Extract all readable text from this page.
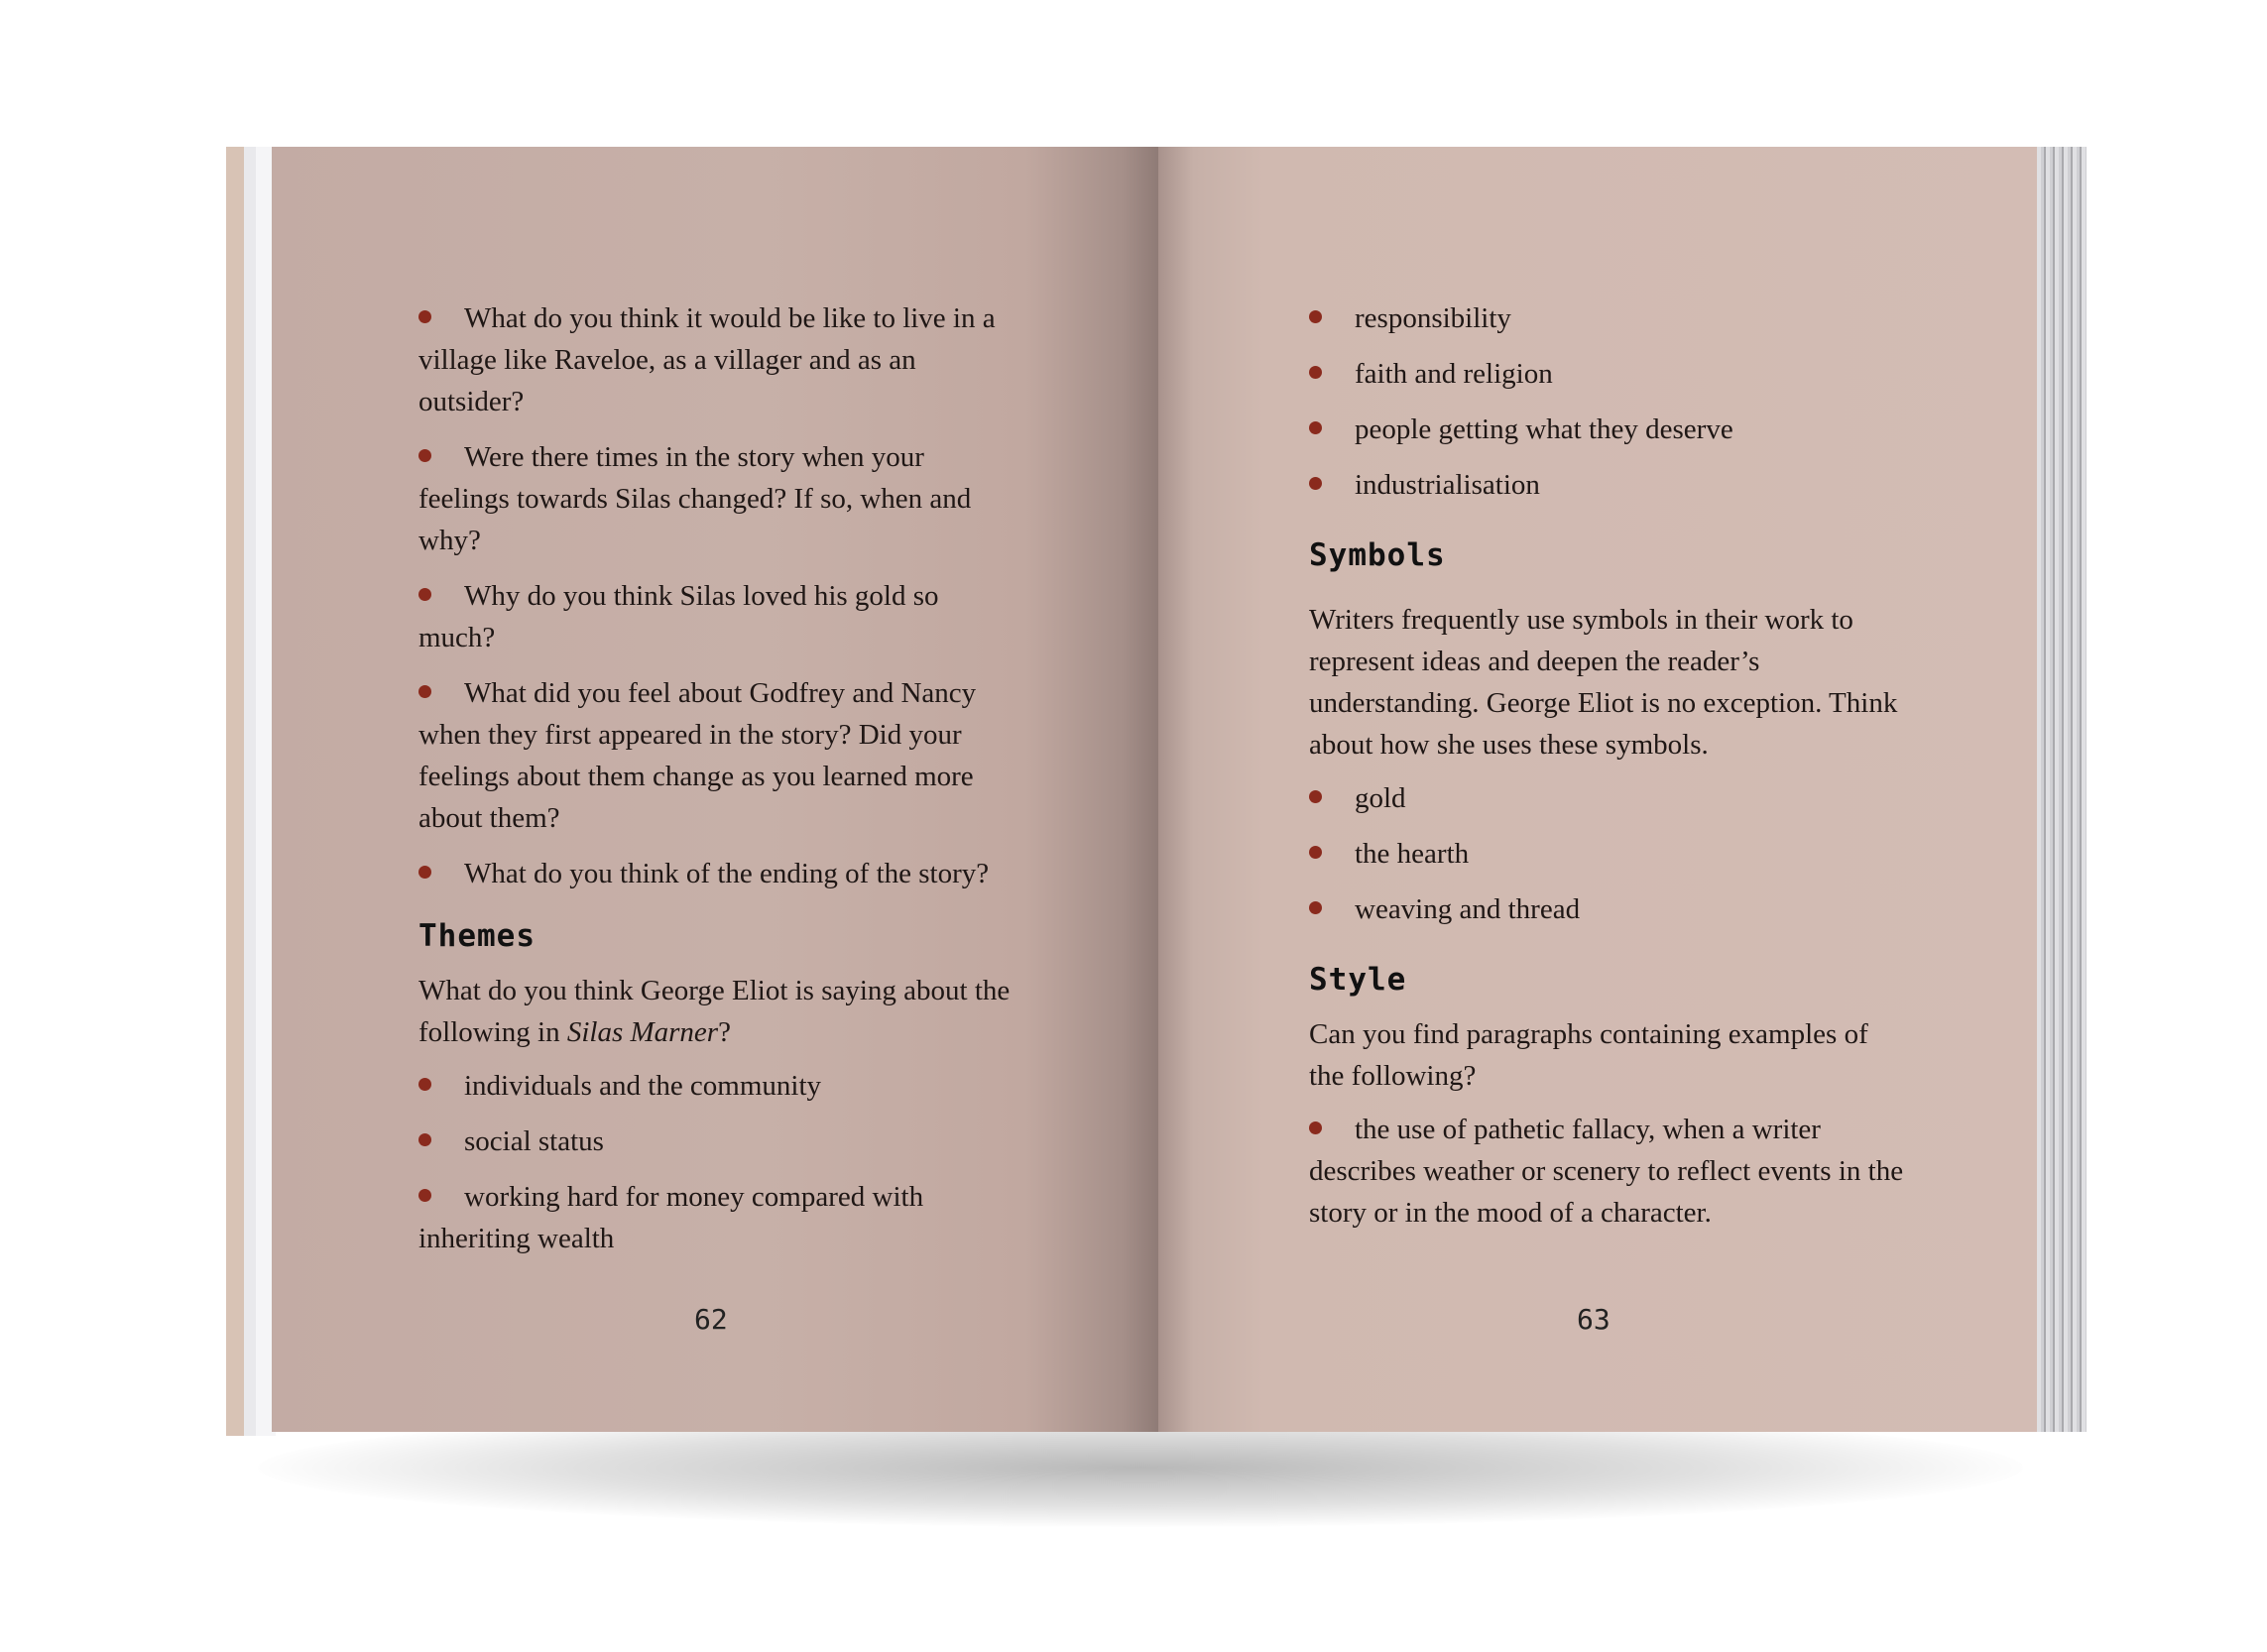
What do you think it would be like to live in a village like Raveloe, as a villager and as an outsider?
Were there times in the story when your feelings towards Silas changed? If so, when and why?
Why do you think Silas loved his gold so much?
What did you feel about Godfrey and Nancy when they first appeared in the story? Did your feelings about them change as you learned more about them?
What do you think of the ending of the story?
Themes
What do you think George Eliot is saying about the following in Silas Marner?
individuals and the community
social status
working hard for money compared with inheriting wealth
62
responsibility
faith and religion
people getting what they deserve
industrialisation
Symbols
Writers frequently use symbols in their work to represent ideas and deepen the reader’s understanding. George Eliot is no exception. Think about how she uses these symbols.
gold
the hearth
weaving and thread
Style
Can you find paragraphs containing examples of the following?
the use of pathetic fallacy, when a writer describes weather or scenery to reflect events in the story or in the mood of a character.
63
